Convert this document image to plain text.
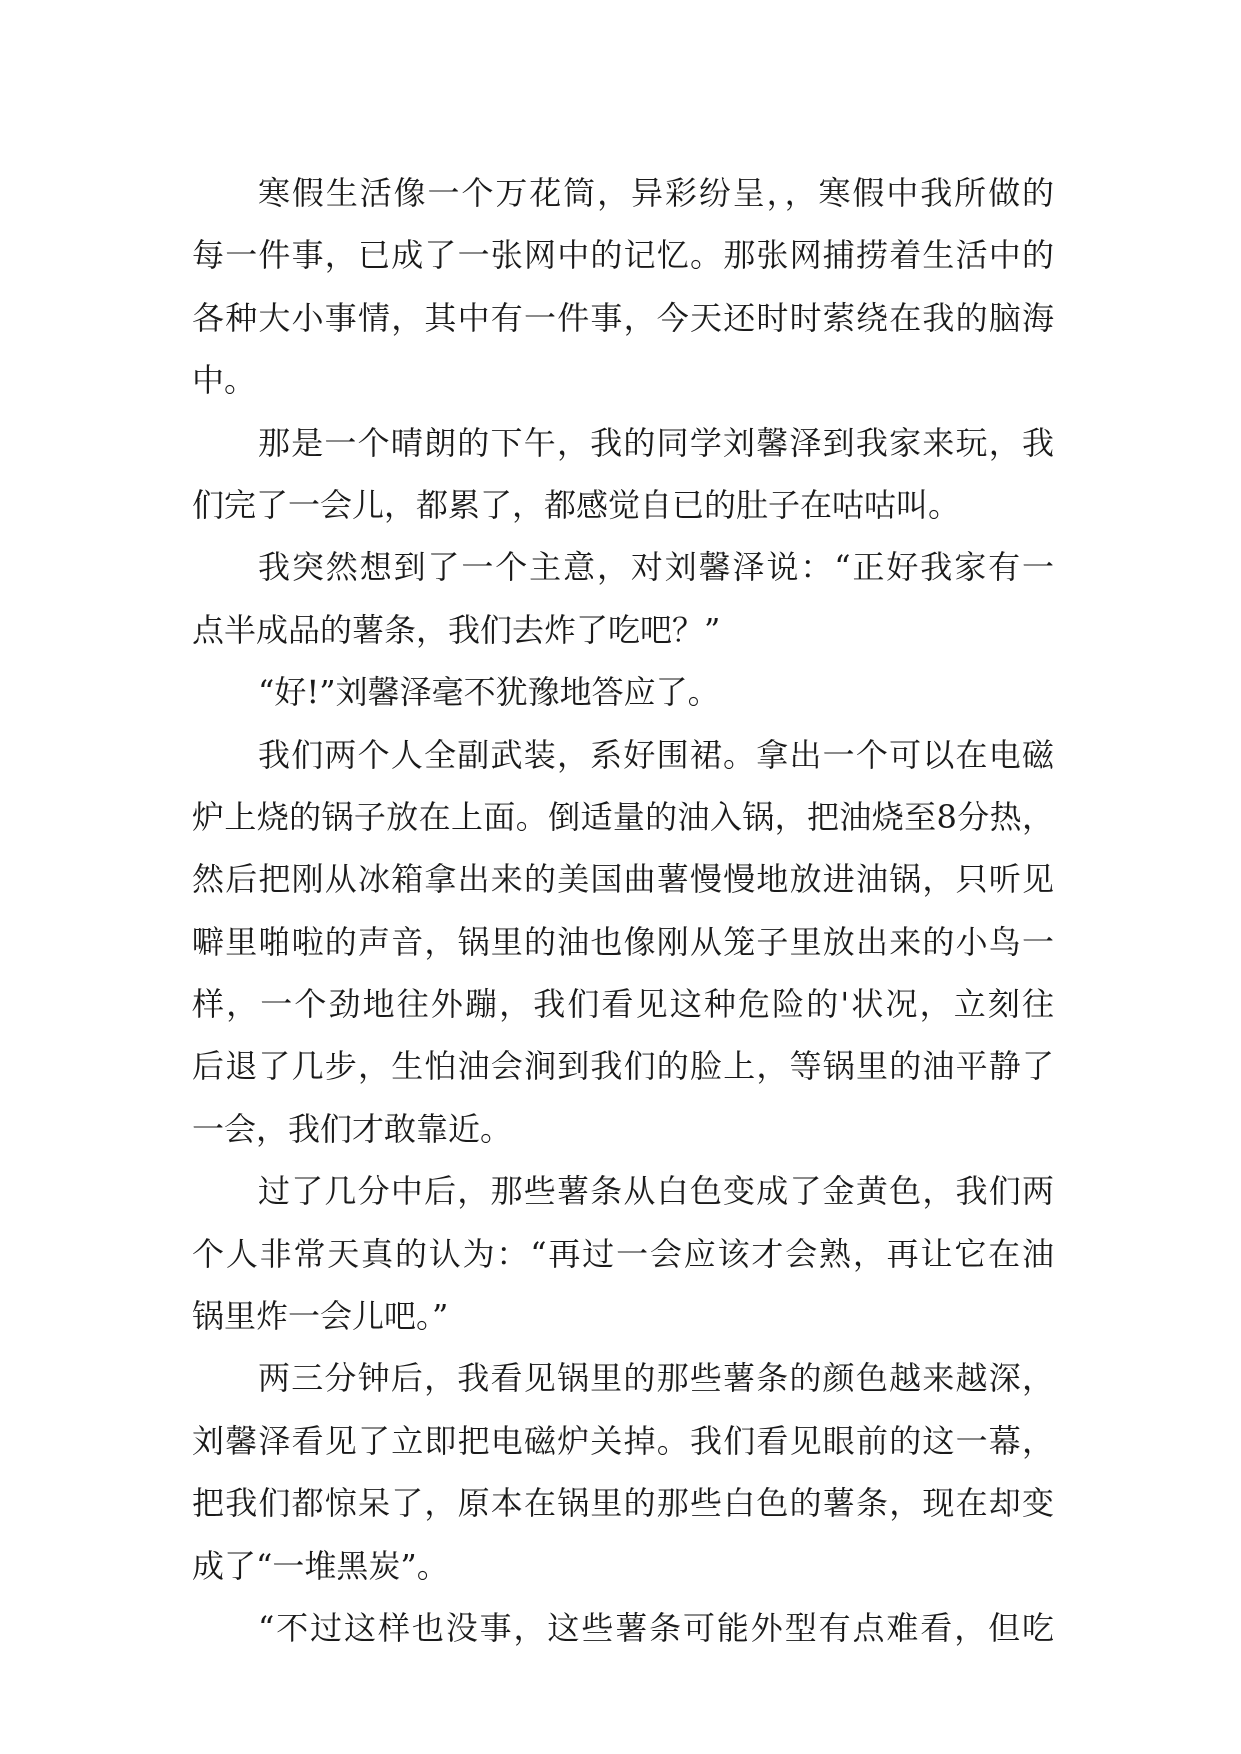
寒假生活像一个万花筒，异彩纷呈，，寒假中我所做的
每一件事，已成了一张网中的记忆。那张网捕捞着生活中的
各种大小事情，其中有一件事，今天还时时萦绕在我的脑海
中。
那是一个晴朗的下午，我的同学刘馨泽到我家来玩，我
们完了一会儿，都累了，都感觉自已的肚子在咕咕叫。
我突然想到了一个主意，对刘馨泽说：“正好我家有一
点半成品的薯条，我们去炸了吃吧？”
“好!”刘馨泽毫不犹豫地答应了。
我们两个人全副武装，系好围裙。拿出一个可以在电磁
炉上烧的锅子放在上面。倒适量的油入锅，把油烧至8分热，
然后把刚从冰箱拿出来的美国曲薯慢慢地放进油锅，只听见
噼里啪啦的声音，锅里的油也像刚从笼子里放出来的小鸟一
样，一个劲地往外蹦，我们看见这种危险的'状况，立刻往
后退了几步，生怕油会涧到我们的脸上，等锅里的油平静了
一会，我们才敢靠近。
过了几分中后，那些薯条从白色变成了金黄色，我们两
个人非常天真的认为：“再过一会应该才会熟，再让它在油
锅里炸一会儿吧。”
两三分钟后，我看见锅里的那些薯条的颜色越来越深，
刘馨泽看见了立即把电磁炉关掉。我们看见眼前的这一幕，
把我们都惊呆了，原本在锅里的那些白色的薯条，现在却变
成了“一堆黑炭”。
“不过这样也没事，这些薯条可能外型有点难看，但吃
